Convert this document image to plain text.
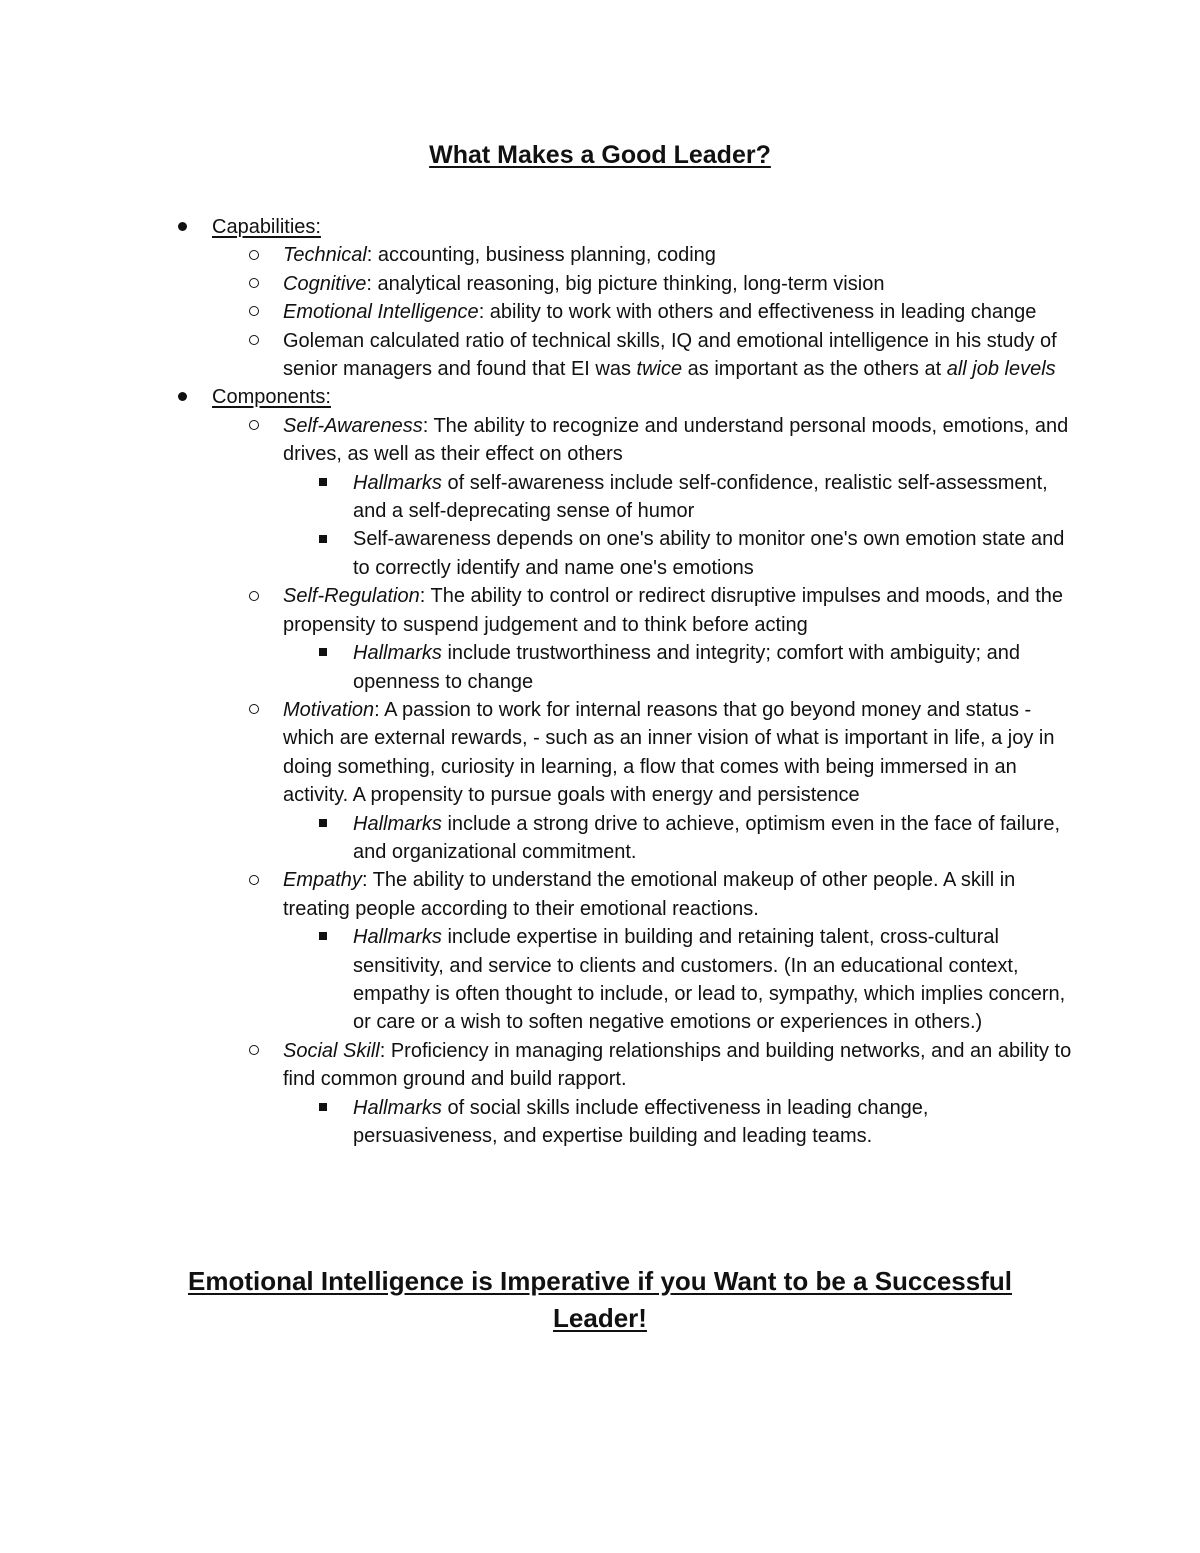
What Makes a Good Leader?
Capabilities:
Technical: accounting, business planning, coding
Cognitive: analytical reasoning, big picture thinking, long-term vision
Emotional Intelligence: ability to work with others and effectiveness in leading change
Goleman calculated ratio of technical skills, IQ and emotional intelligence in his study of senior managers and found that EI was twice as important as the others at all job levels
Components:
Self-Awareness: The ability to recognize and understand personal moods, emotions, and drives, as well as their effect on others
Hallmarks of self-awareness include self-confidence, realistic self-assessment, and a self-deprecating sense of humor
Self-awareness depends on one's ability to monitor one's own emotion state and to correctly identify and name one's emotions
Self-Regulation: The ability to control or redirect disruptive impulses and moods, and the propensity to suspend judgement and to think before acting
Hallmarks include trustworthiness and integrity; comfort with ambiguity; and openness to change
Motivation: A passion to work for internal reasons that go beyond money and status - which are external rewards, - such as an inner vision of what is important in life, a joy in doing something, curiosity in learning, a flow that comes with being immersed in an activity. A propensity to pursue goals with energy and persistence
Hallmarks include a strong drive to achieve, optimism even in the face of failure, and organizational commitment.
Empathy: The ability to understand the emotional makeup of other people. A skill in treating people according to their emotional reactions.
Hallmarks include expertise in building and retaining talent, cross-cultural sensitivity, and service to clients and customers. (In an educational context, empathy is often thought to include, or lead to, sympathy, which implies concern, or care or a wish to soften negative emotions or experiences in others.)
Social Skill: Proficiency in managing relationships and building networks, and an ability to find common ground and build rapport.
Hallmarks of social skills include effectiveness in leading change, persuasiveness, and expertise building and leading teams.
Emotional Intelligence is Imperative if you Want to be a Successful Leader!
